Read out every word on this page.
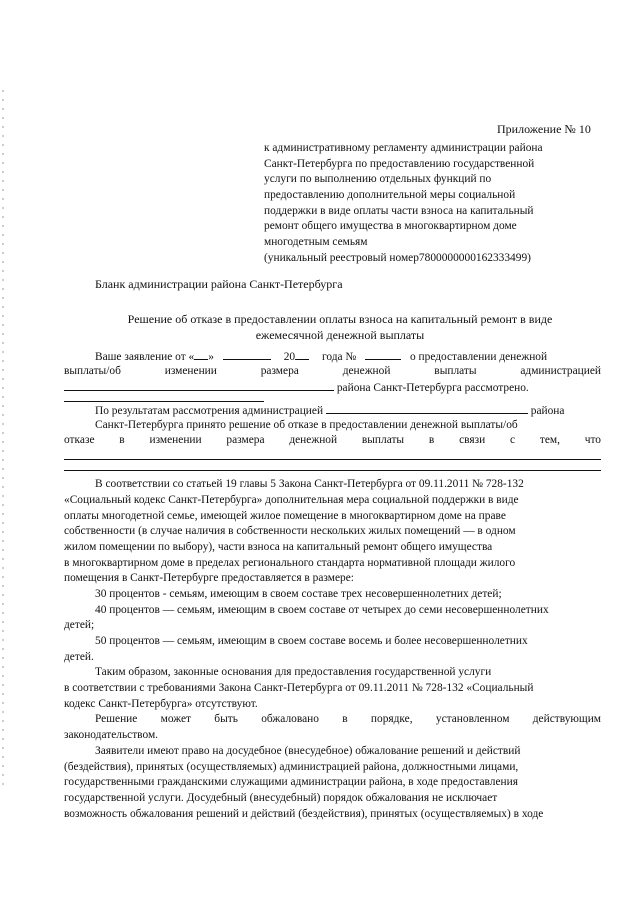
Приложение № 10
к административному регламенту администрации района
Санкт-Петербурга по предоставлению государственной
услуги по выполнению отдельных функций по
предоставлению дополнительной меры социальной
поддержки в виде оплаты части взноса на капитальный
ремонт общего имущества в многоквартирном доме
многодетным семьям
(уникальный реестровый номер7800000000162333499)
Бланк администрации района Санкт-Петербурга
Решение об отказе в предоставлении оплаты взноса на капитальный ремонт в виде
ежемесячной денежной выплаты
Ваше заявление от « »	20 года №	о предоставлении денежной
выплаты/об изменении размера денежной выплаты администрацией
района Санкт-Петербурга рассмотрено.
По результатам рассмотрения администрацией	района
Санкт-Петербурга принято решение об отказе в предоставлении денежной выплаты/об
отказе в изменении размера денежной выплаты в связи с тем, что
В соответствии со статьей 19 главы 5 Закона Санкт-Петербурга от 09.11.2011 № 728-132
«Социальный кодекс Санкт-Петербурга» дополнительная мера социальной поддержки в виде
оплаты многодетной семье, имеющей жилое помещение в многоквартирном доме на праве
собственности (в случае наличия в собственности нескольких жилых помещений — в одном
жилом помещении по выбору), части взноса на капитальный ремонт общего имущества
в многоквартирном доме в пределах регионального стандарта нормативной площади жилого
помещения в Санкт-Петербурге предоставляется в размере:
30 процентов - семьям, имеющим в своем составе трех несовершеннолетних детей;
40 процентов — семьям, имеющим в своем составе от четырех до семи несовершеннолетних
детей;
50 процентов — семьям, имеющим в своем составе восемь и более несовершеннолетних
детей.
Таким образом, законные основания для предоставления государственной услуги
в соответствии с требованиями Закона Санкт-Петербурга от 09.11.2011 № 728-132 «Социальный
кодекс Санкт-Петербурга» отсутствуют.
Решение может быть обжаловано в порядке, установленном действующим
законодательством.
Заявители имеют право на досудебное (внесудебное) обжалование решений и действий
(бездействия), принятых (осуществляемых) администрацией района, должностными лицами,
государственными гражданскими служащими администрации района, в ходе предоставления
государственной услуги. Досудебный (внесудебный) порядок обжалования не исключает
возможность обжалования решений и действий (бездействия), принятых (осуществляемых) в ходе
